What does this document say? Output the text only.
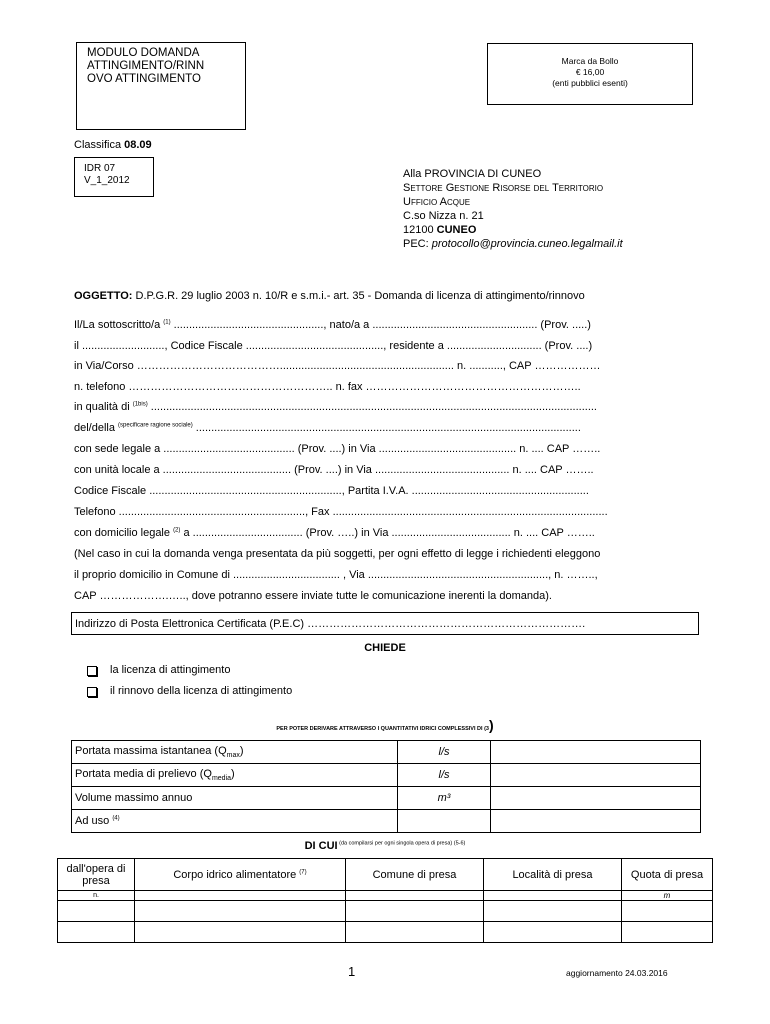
MODULO DOMANDA
ATTINGIMENTO/RINN
OVO ATTINGIMENTO
Marca da Bollo
€ 16,00
(enti pubblici esenti)
Classifica 08.09
IDR 07
V_1_2012
Alla PROVINCIA DI CUNEO
Settore Gestione Risorse del Territorio
Ufficio Acque
C.so Nizza n. 21
12100 CUNEO
PEC: protocollo@provincia.cuneo.legalmail.it
OGGETTO: D.P.G.R. 29 luglio 2003 n. 10/R e s.m.i.- art. 35 - Domanda di licenza di attingimento/rinnovo
Il/La sottoscritto/a $^{(1)}$ ................................................., nato/a a ...................................................... (Prov. .....)
il ..........................., Codice Fiscale ............................................., residente a ............................... (Prov. ....)
in Via/Corso …………………………………......................................................... n. ..........., CAP ………………
n. telefono ……………………………………………….. n. fax …………………………………………………..
in qualità di $^{(1bis)}$ ..................................................................................................................................................
del/della $^{(specificare ragione sociale)}$ ..............................................................................................................................
con sede legale a ........................................... (Prov. ....) in Via ............................................. n. .... CAP ……..
con unità locale a .......................................... (Prov. ....) in Via ............................................ n. .... CAP ……..
Codice Fiscale ..............................................................., Partita I.V.A. ..........................................................
Telefono ............................................................., Fax ..........................................................................................
con domicilio legale $^{(2)}$ a .................................... (Prov. …..) in Via ....................................... n. .... CAP ……..
(Nel caso in cui la domanda venga presentata da più soggetti, per ogni effetto di legge i richiedenti eleggono
il proprio domicilio in Comune di ................................... , Via ..........................................................., n. ……..,
CAP ……………….….., dove potranno essere inviate tutte le comunicazione inerenti la domanda).
Indirizzo di Posta Elettronica Certificata (P.E.C) ………………………………………………………………….
CHIEDE
la licenza di attingimento
il rinnovo della licenza di attingimento
PER POTER DERIVARE ATTRAVERSO I QUANTITATIVI IDRICI COMPLESSIVI DI (3)
Portata massima istantanea $(Q_{max})$	l/s	
Portata media di prelievo $(Q_{media})$	l/s	
Volume massimo annuo	m³	
Ad uso $^{(4)}$		
DI CUI $^{(da compilarsi per ogni singola opera di presa) (5-6)}$
dall'opera di presa	Corpo idrico alimentatore $^{(7)}$	Comune di presa	Località di presa	Quota di presa
n.				m

1	aggiornamento 24.03.2016
